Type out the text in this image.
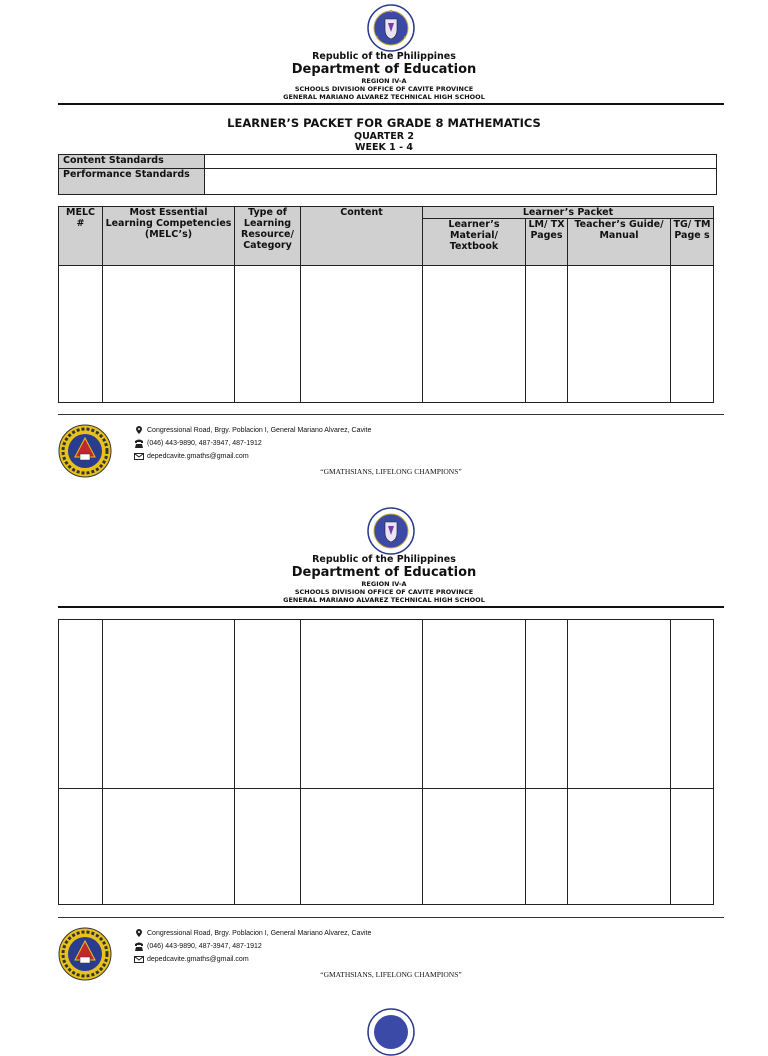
Republic of the Philippines
Department of Education
REGION IV-A
SCHOOLS DIVISION OFFICE OF CAVITE PROVINCE
GENERAL MARIANO ALVAREZ TECHNICAL HIGH SCHOOL
LEARNER’S PACKET FOR GRADE 8 MATHEMATICS
QUARTER 2
WEEK 1 - 4
Content Standards	
Performance Standards	
MELC #	Most Essential Learning Competencies (MELC’s)	Type of Learning Resource/ Category	Content	Learner’s Packet			
				Learner’s Material/ Textbook	LM/ TX Pages	Teacher’s Guide/ Manual	TG/ TM Page s

Congressional Road, Brgy. Poblacion I, General Mariano Alvarez, Cavite
(046) 443-9890, 487-3947, 487-1912
depedcavite.gmaths@gmail.com
“GMATHSIANS, LIFELONG CHAMPIONS”
Republic of the Philippines
Department of Education
REGION IV-A
SCHOOLS DIVISION OFFICE OF CAVITE PROVINCE
GENERAL MARIANO ALVAREZ TECHNICAL HIGH SCHOOL

Congressional Road, Brgy. Poblacion I, General Mariano Alvarez, Cavite
(046) 443-9890, 487-3947, 487-1912
depedcavite.gmaths@gmail.com
“GMATHSIANS, LIFELONG CHAMPIONS”
